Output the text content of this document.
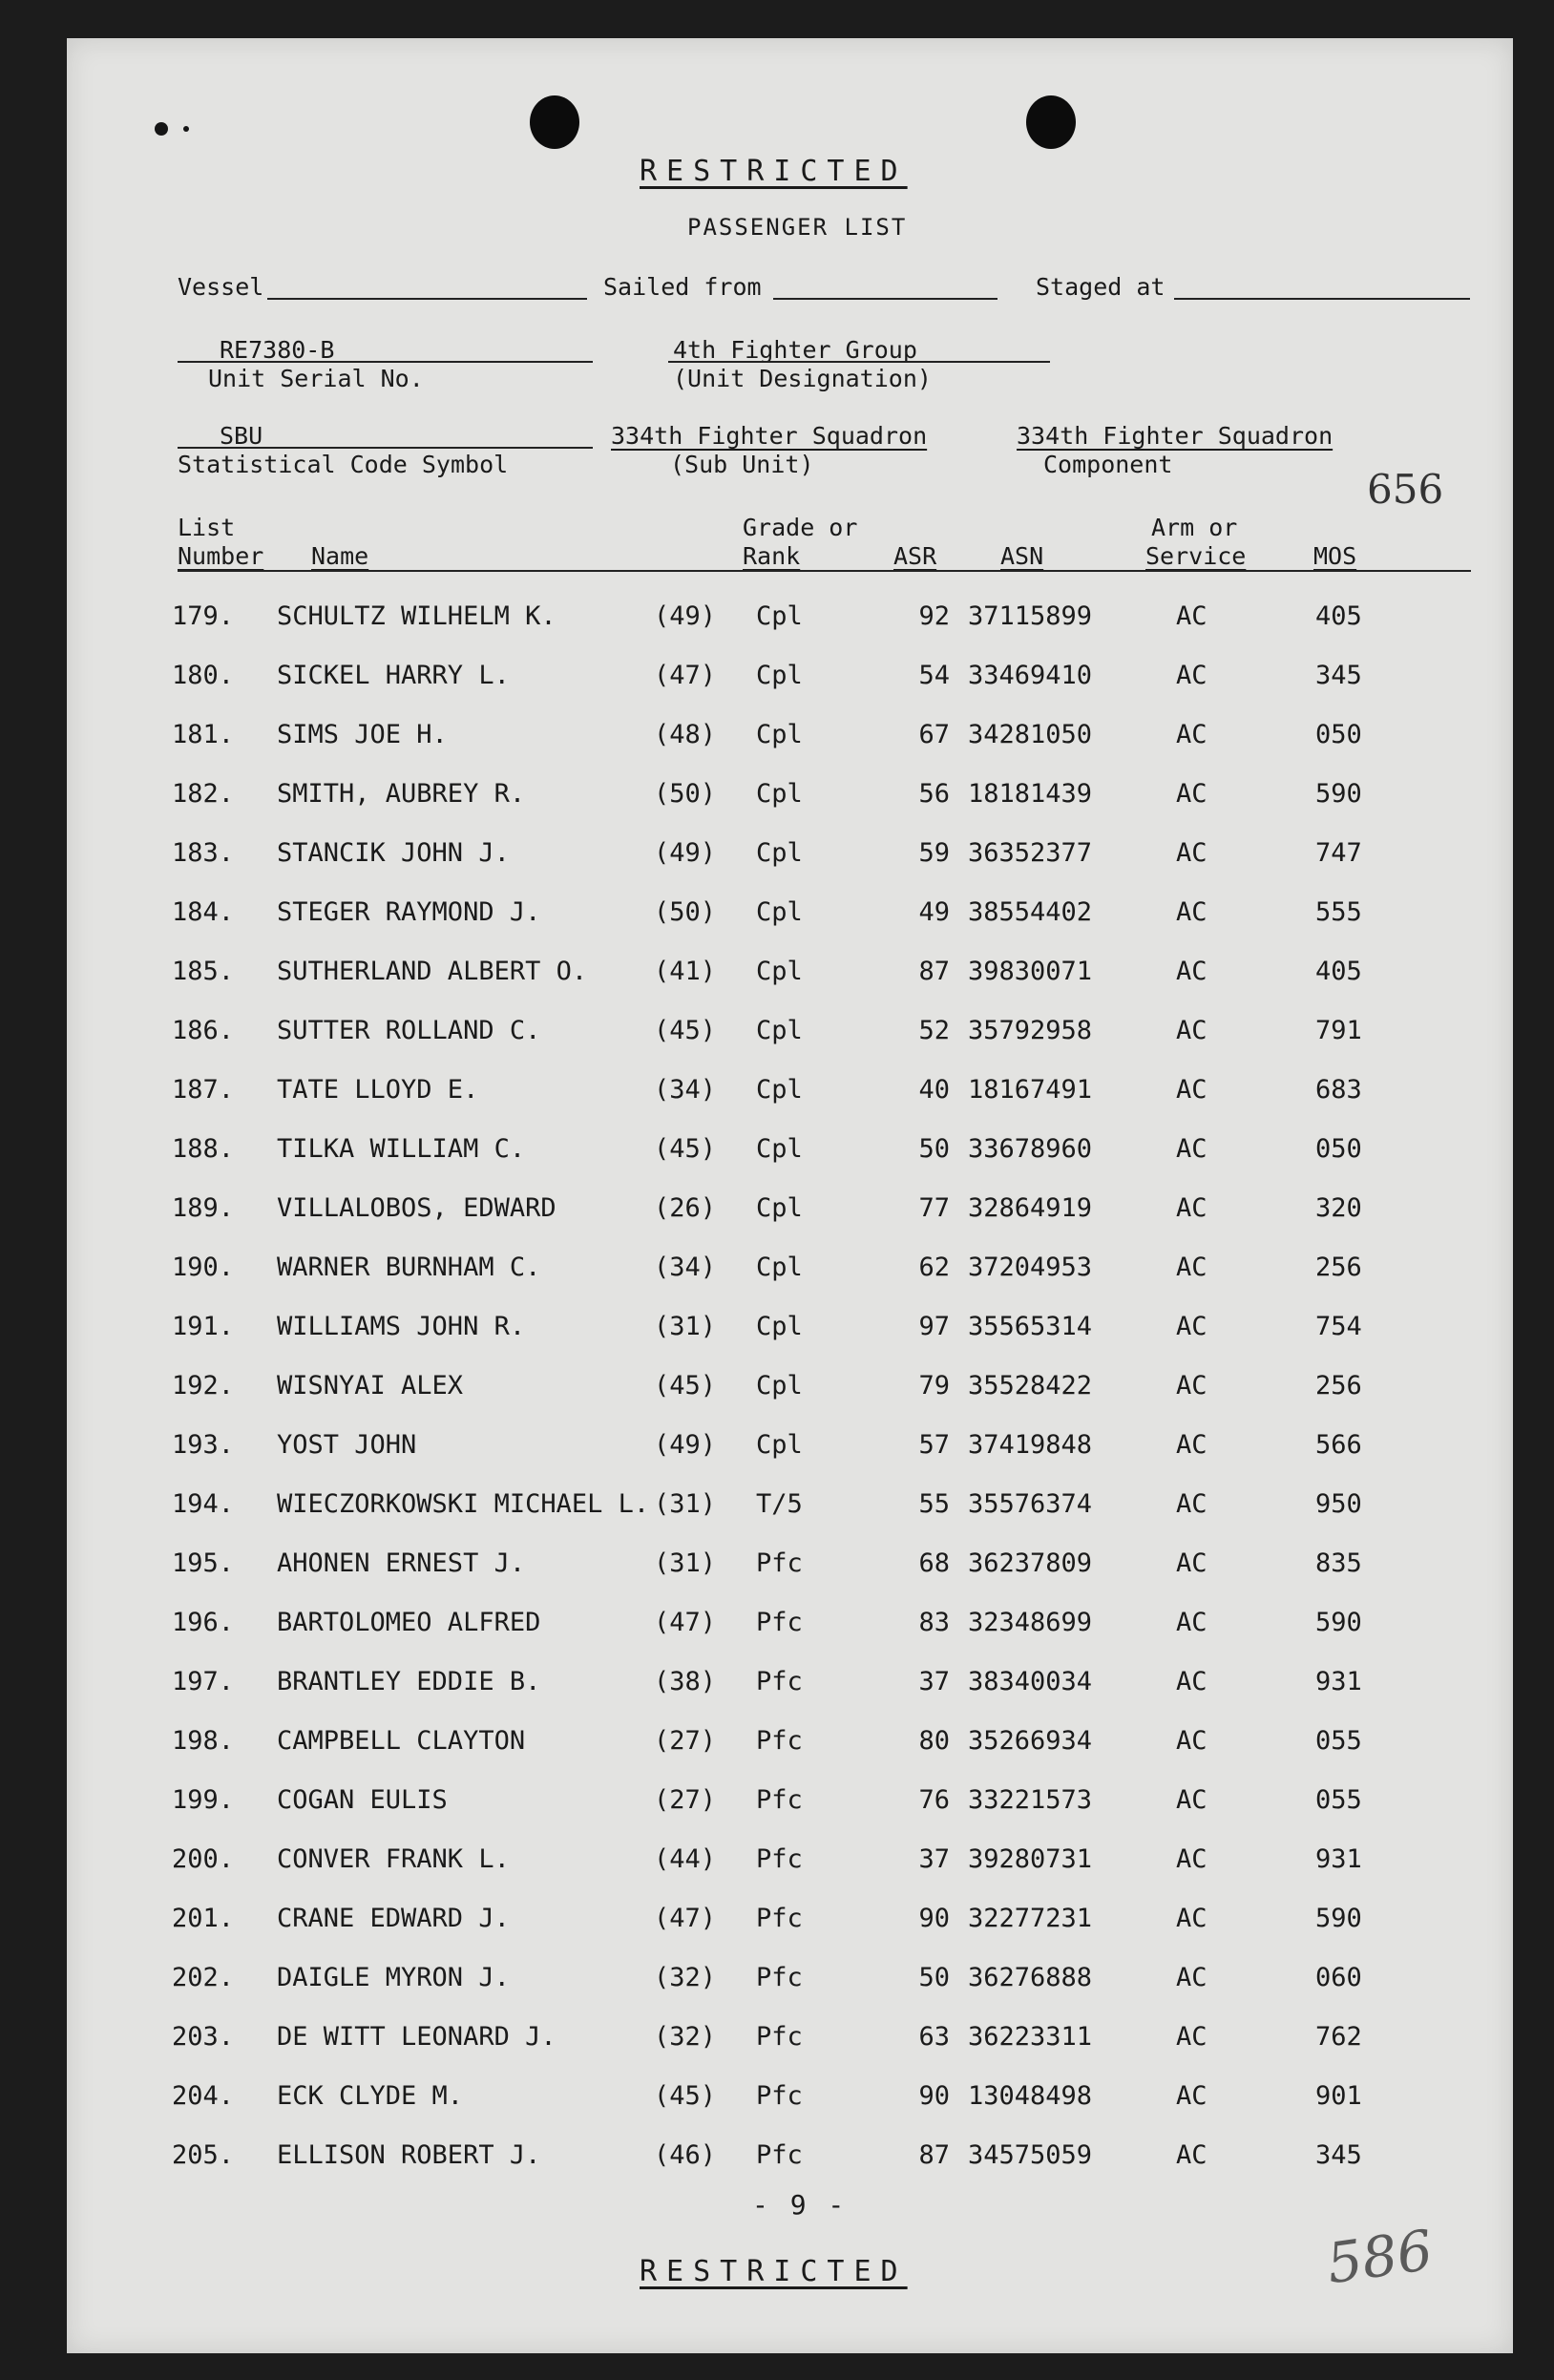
RESTRICTED
PASSENGER LIST
Vessel	Sailed from	Staged at
RE7380-B
Unit Serial No.
4th Fighter Group
(Unit Designation)
SBU
Statistical Code Symbol
334th Fighter Squadron
(Sub Unit)
334th Fighter Squadron
Component
656
List
Number Name
Grade or
Rank	ASR	ASN
Arm or
Service	MOS
179. SCHULTZ WILHELM K.	(49) Cpl	92 37115899	AC	405
180. SICKEL HARRY L.	(47) Cpl	54 33469410	AC	345
181. SIMS JOE H.	(48) Cpl	67 34281050	AC	050
182. SMITH, AUBREY R.	(50) Cpl	56 18181439	AC	590
183. STANCIK JOHN J.	(49) Cpl	59 36352377	AC	747
184. STEGER RAYMOND J.	(50) Cpl	49 38554402	AC	555
185. SUTHERLAND ALBERT O.	(41) Cpl	87 39830071	AC	405
186. SUTTER ROLLAND C.	(45) Cpl	52 35792958	AC	791
187. TATE LLOYD E.	(34) Cpl	40 18167491	AC	683
188. TILKA WILLIAM C.	(45) Cpl	50 33678960	AC	050
189. VILLALOBOS, EDWARD	(26) Cpl	77 32864919	AC	320
190. WARNER BURNHAM C.	(34) Cpl	62 37204953	AC	256
191. WILLIAMS JOHN R.	(31) Cpl	97 35565314	AC	754
192. WISNYAI ALEX	(45) Cpl	79 35528422	AC	256
193. YOST JOHN	(49) Cpl	57 37419848	AC	566
194. WIECZORKOWSKI MICHAEL L. (31) T/5	55 35576374	AC	950
195. AHONEN ERNEST J.	(31) Pfc	68 36237809	AC	835
196. BARTOLOMEO ALFRED	(47) Pfc	83 32348699	AC	590
197. BRANTLEY EDDIE B.	(38) Pfc	37 38340034	AC	931
198. CAMPBELL CLAYTON	(27) Pfc	80 35266934	AC	055
199. COGAN EULIS	(27) Pfc	76 33221573	AC	055
200. CONVER FRANK L.	(44) Pfc	37 39280731	AC	931
201. CRANE EDWARD J.	(47) Pfc	90 32277231	AC	590
202. DAIGLE MYRON J.	(32) Pfc	50 36276888	AC	060
203. DE WITT LEONARD J.	(32) Pfc	63 36223311	AC	762
204. ECK CLYDE M.	(45) Pfc	90 13048498	AC	901
205. ELLISON ROBERT J.	(46) Pfc	87 34575059	AC	345
- 9 -
RESTRICTED	586
